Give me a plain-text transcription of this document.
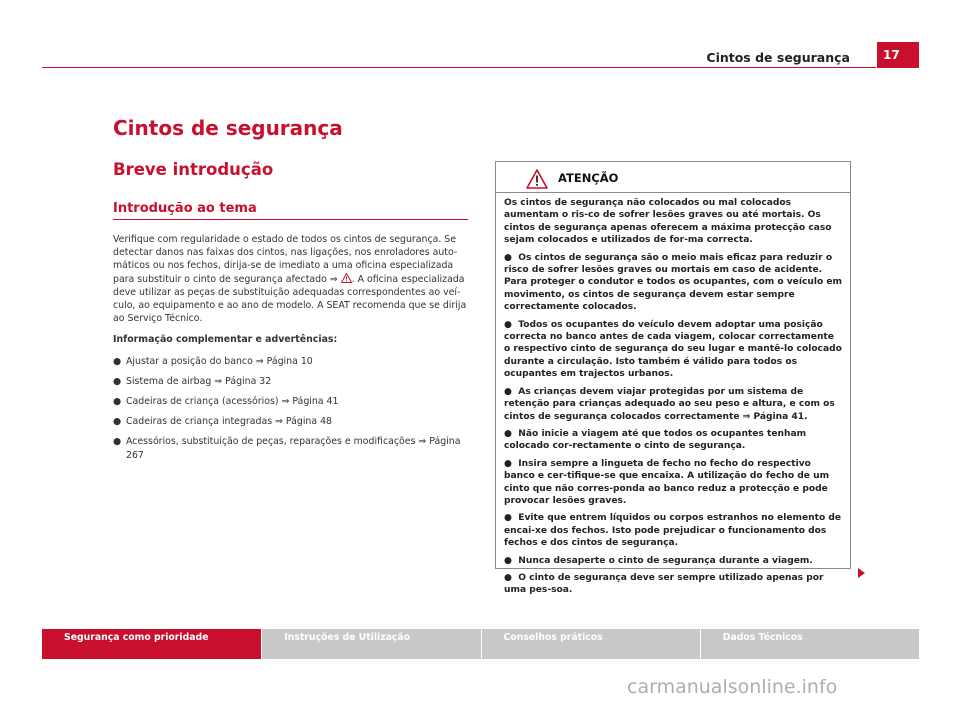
Cintos de segurança	17
Cintos de segurança
Breve introdução
Introdução ao tema

Verifique com regularidade o estado de todos os cintos de segurança. Se detectar danos nas faixas dos cintos, nas ligações, nos enroladores auto-máticos ou nos fechos, dirija-se de imediato a uma oficina especializada para substituir o cinto de segurança afectado ⇒ . A oficina especializada deve utilizar as peças de substituição adequadas correspondentes ao veí-culo, ao equipamento e ao ano de modelo. A SEAT recomenda que se dirija ao Serviço Técnico.

Informação complementar e advertências:

● Ajustar a posição do banco ⇒ Página 10
● Sistema de airbag ⇒ Página 32
● Cadeiras de criança (acessórios) ⇒ Página 41
● Cadeiras de criança integradas ⇒ Página 48
● Acessórios, substituição de peças, reparações e modificações ⇒ Página 267
ATENÇÃO

Os cintos de segurança não colocados ou mal colocados aumentam o ris-co de sofrer lesões graves ou até mortais. Os cintos de segurança apenas oferecem a máxima protecção caso sejam colocados e utilizados de for-ma correcta.

● Os cintos de segurança são o meio mais eficaz para reduzir o risco de sofrer lesões graves ou mortais em caso de acidente. Para proteger o condutor e todos os ocupantes, com o veículo em movimento, os cintos de segurança devem estar sempre correctamente colocados.
● Todos os ocupantes do veículo devem adoptar uma posição correcta no banco antes de cada viagem, colocar correctamente o respectivo cinto de segurança do seu lugar e mantê-lo colocado durante a circulação. Isto também é válido para todos os ocupantes em trajectos urbanos.
● As crianças devem viajar protegidas por um sistema de retenção para crianças adequado ao seu peso e altura, e com os cintos de segurança colocados correctamente ⇒ Página 41.
● Não inicie a viagem até que todos os ocupantes tenham colocado cor-rectamente o cinto de segurança.
● Insira sempre a lingueta de fecho no fecho do respectivo banco e cer-tifique-se que encaixa. A utilização do fecho de um cinto que não corres-ponda ao banco reduz a protecção e pode provocar lesões graves.
● Evite que entrem líquidos ou corpos estranhos no elemento de encai-xe dos fechos. Isto pode prejudicar o funcionamento dos fechos e dos cintos de segurança.
● Nunca desaperte o cinto de segurança durante a viagem.
● O cinto de segurança deve ser sempre utilizado apenas por uma pes-soa.
Segurança como prioridade	Instruções de Utilização	Conselhos práticos	Dados Técnicos
carmanualsonline.info
